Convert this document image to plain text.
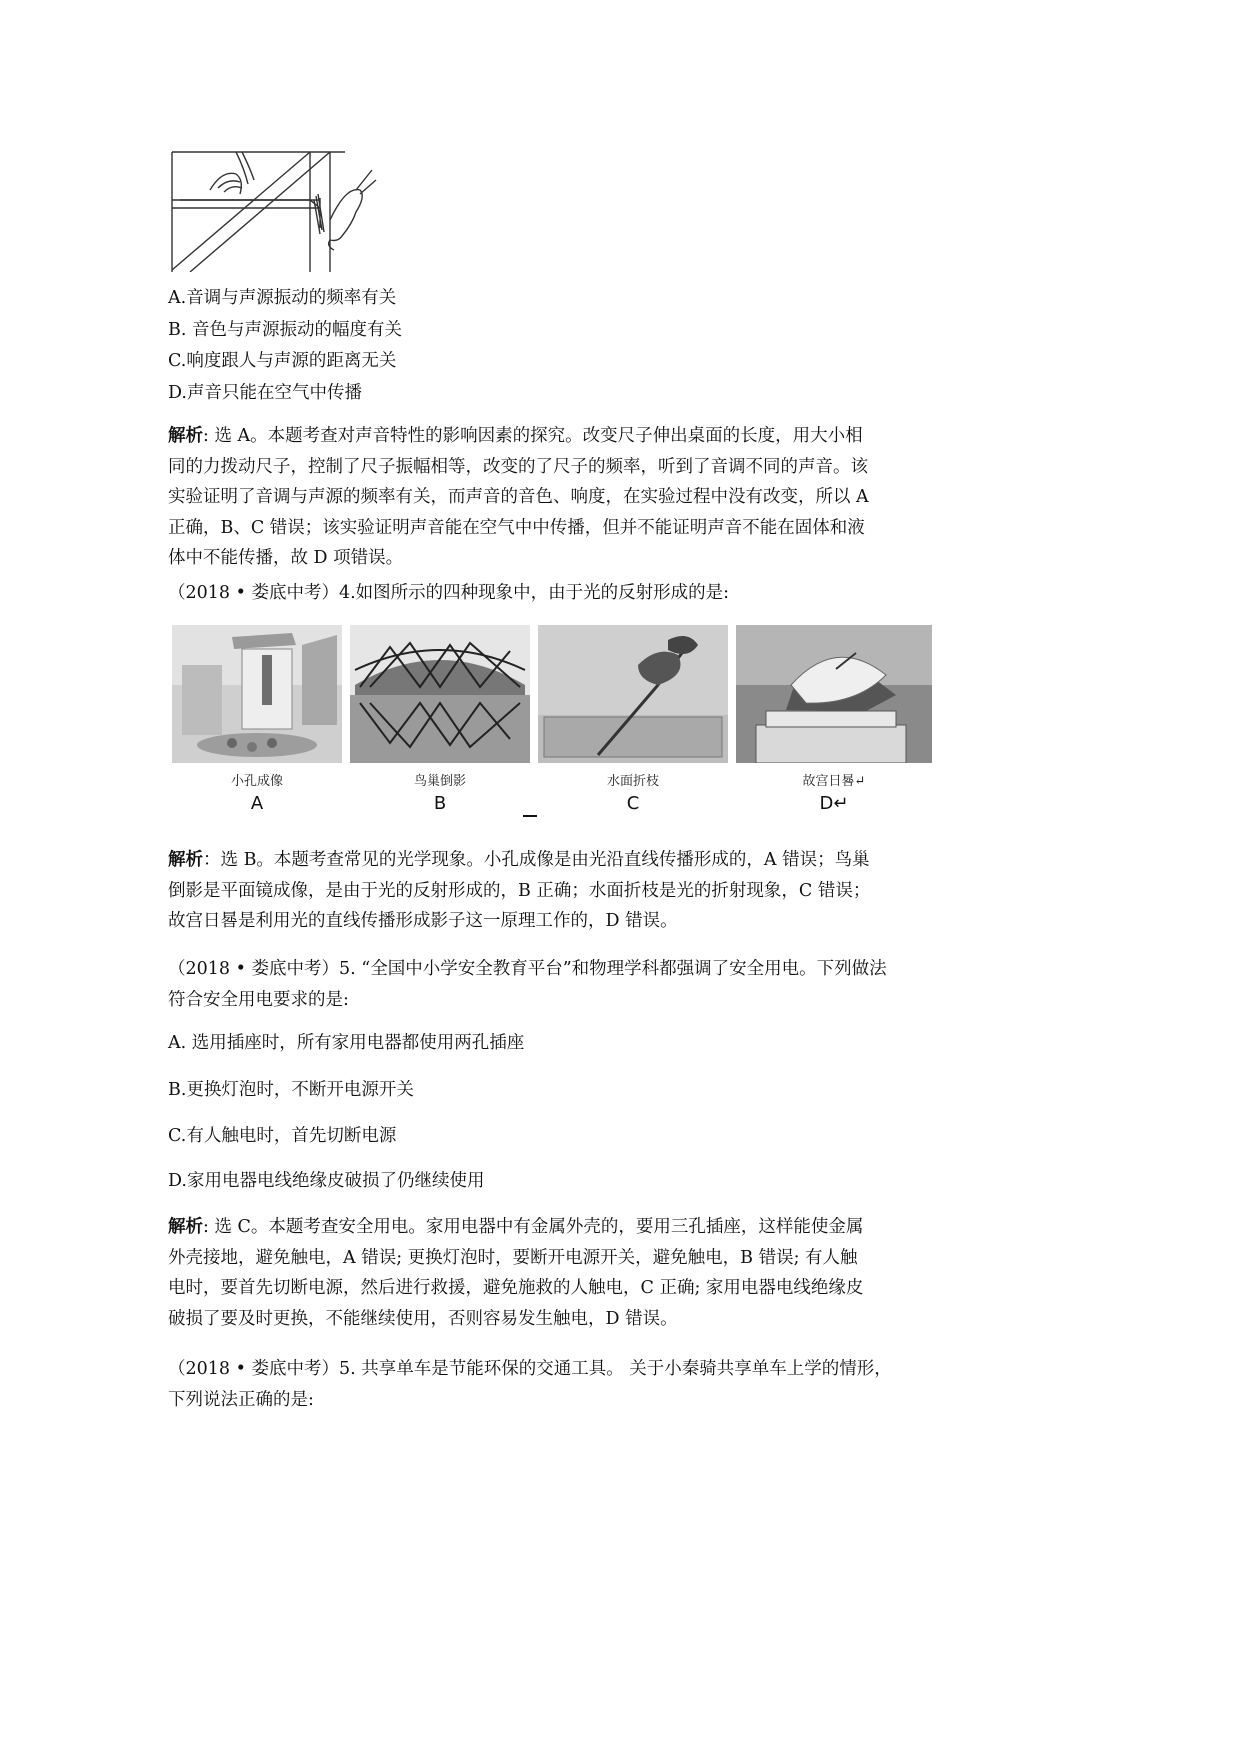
A.音调与声源振动的频率有关
B. 音色与声源振动的幅度有关
C.响度跟人与声源的距离无关
D.声音只能在空气中传播
解析: 选 A。本题考查对声音特性的影响因素的探究。改变尺子伸出桌面的长度，用大小相
同的力拨动尺子，控制了尺子振幅相等，改变的了尺子的频率，听到了音调不同的声音。该
实验证明了音调与声源的频率有关，而声音的音色、响度，在实验过程中没有改变，所以 A
正确，B、C 错误；该实验证明声音能在空气中中传播，但并不能证明声音不能在固体和液
体中不能传播，故 D 项错误。
（2018 • 娄底中考）4.如图所示的四种现象中，由于光的反射形成的是:
小孔成像	鸟巢倒影	水面折枝	故宫日晷↵
A	B	C	D↵
解析：选 B。本题考查常见的光学现象。小孔成像是由光沿直线传播形成的，A 错误；鸟巢
倒影是平面镜成像，是由于光的反射形成的，B 正确；水面折枝是光的折射现象，C 错误；
故宫日晷是利用光的直线传播形成影子这一原理工作的，D 错误。
（2018 • 娄底中考）5. “全国中小学安全教育平台”和物理学科都强调了安全用电。下列做法
符合安全用电要求的是:
A. 选用插座时，所有家用电器都使用两孔插座
B.更换灯泡时，不断开电源开关
C.有人触电时，首先切断电源
D.家用电器电线绝缘皮破损了仍继续使用
解析: 选 C。本题考查安全用电。家用电器中有金属外壳的，要用三孔插座，这样能使金属
外壳接地，避免触电，A 错误; 更换灯泡时，要断开电源开关，避免触电，B 错误; 有人触
电时，要首先切断电源，然后进行救援，避免施救的人触电，C 正确; 家用电器电线绝缘皮
破损了要及时更换，不能继续使用，否则容易发生触电，D 错误。
（2018 • 娄底中考）5. 共享单车是节能环保的交通工具。 关于小秦骑共享单车上学的情形，
下列说法正确的是:
